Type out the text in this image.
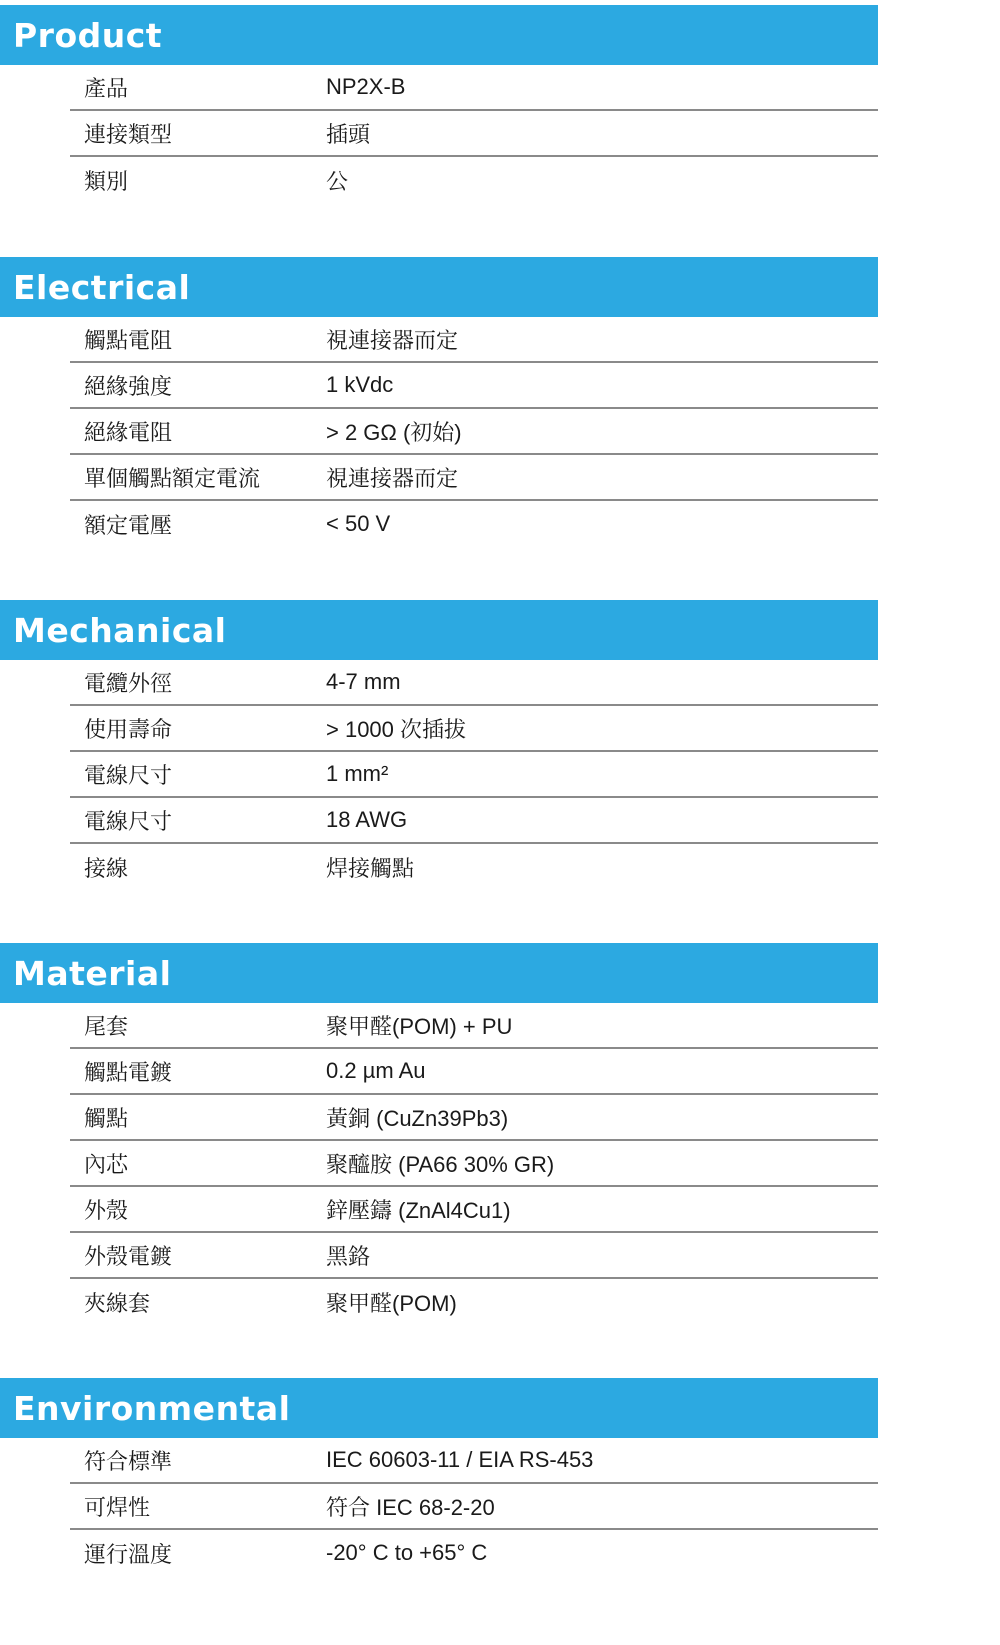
Product
產品	NP2X-B
連接類型	插頭
類別	公
Electrical
觸點電阻	視連接器而定
絕緣強度	1 kVdc
絕緣電阻	> 2 GΩ (初始)
單個觸點額定電流	視連接器而定
額定電壓	< 50 V
Mechanical
電纜外徑	4-7 mm
使用壽命	> 1000 次插拔
電線尺寸	1 mm²
電線尺寸	18 AWG
接線	焊接觸點
Material
尾套	聚甲醛(POM) + PU
觸點電鍍	0.2 µm Au
觸點	黃銅 (CuZn39Pb3)
內芯	聚醯胺 (PA66 30% GR)
外殼	鋅壓鑄 (ZnAl4Cu1)
外殼電鍍	黑鉻
夾線套	聚甲醛(POM)
Environmental
符合標準	IEC 60603-11 / EIA RS-453
可焊性	符合 IEC 68-2-20
運行溫度	-20° C to +65° C
